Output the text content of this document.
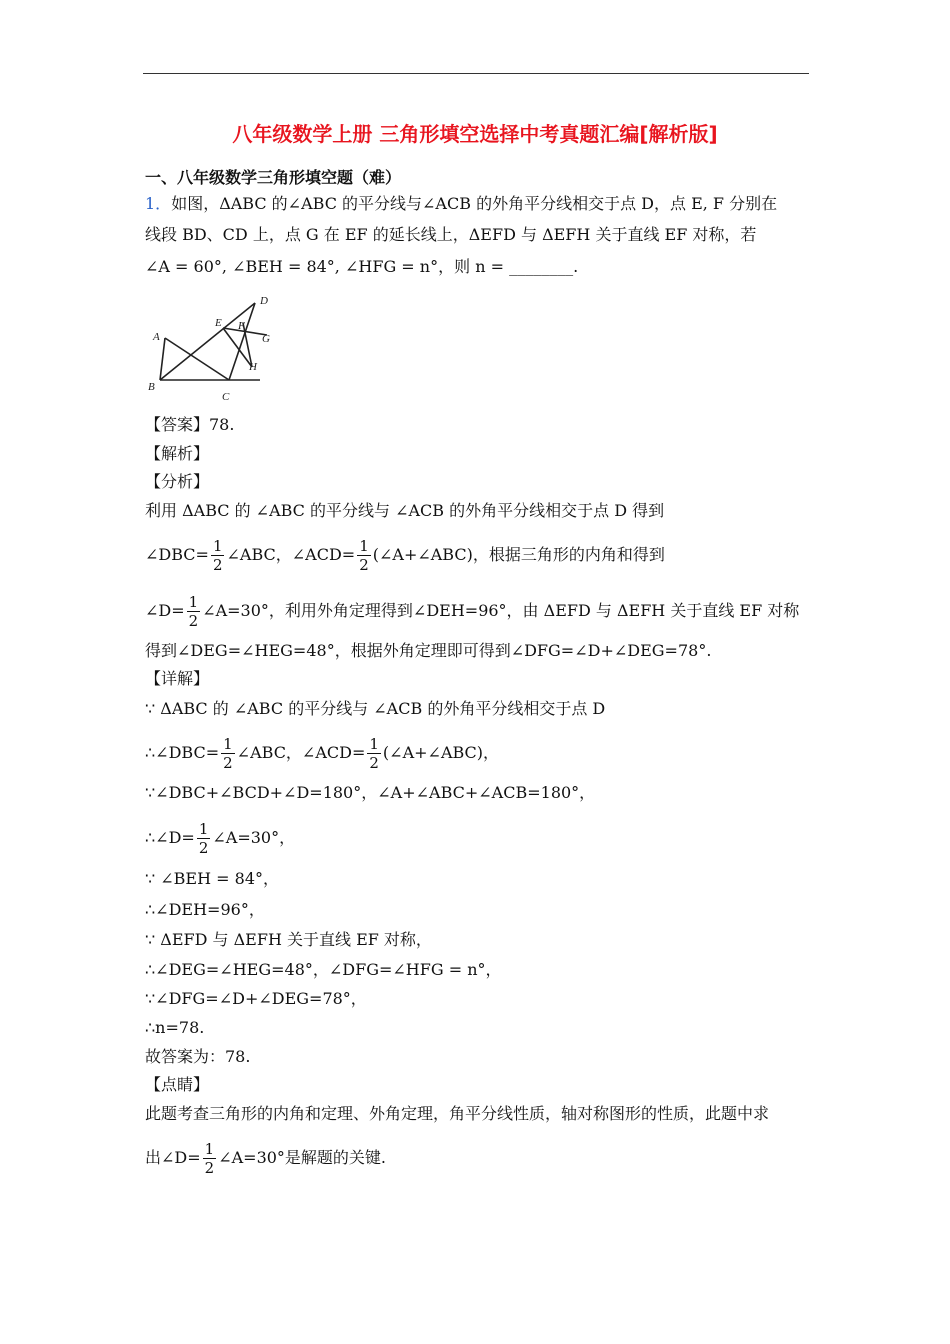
八年级数学上册 三角形填空选择中考真题汇编[解析版]
一、八年级数学三角形填空题（难）
1．如图，ΔABC 的∠ABC 的平分线与∠ACB 的外角平分线相交于点 D，点 E, F 分别在
线段 BD、CD 上，点 G 在 EF 的延长线上，ΔEFD 与 ΔEFH 关于直线 EF 对称，若
∠A = 60°, ∠BEH = 84°, ∠HFG = n°，则 n = ________.
A
B
C
D
E F
G
H
【答案】78.
【解析】
【分析】
利用 ΔABC 的 ∠ABC 的平分线与 ∠ACB 的外角平分线相交于点 D 得到
∠DBC= $\frac{1}{2}$ ∠ABC，∠ACD= $\frac{1}{2}$ (∠A+∠ABC)，根据三角形的内角和得到
∠D= $\frac{1}{2}$ ∠A=30°，利用外角定理得到∠DEH=96°，由 ΔEFD 与 ΔEFH 关于直线 EF 对称
得到∠DEG=∠HEG=48°，根据外角定理即可得到∠DFG=∠D+∠DEG=78°.
【详解】
∵ ΔABC 的 ∠ABC 的平分线与 ∠ACB 的外角平分线相交于点 D
∴∠DBC= $\frac{1}{2}$ ∠ABC，∠ACD= $\frac{1}{2}$ (∠A+∠ABC)，
∵∠DBC+∠BCD+∠D=180°，∠A+∠ABC+∠ACB=180°，
∴∠D= $\frac{1}{2}$ ∠A=30°，
∵ ∠BEH = 84°，
∴∠DEH=96°，
∵ ΔEFD 与 ΔEFH 关于直线 EF 对称，
∴∠DEG=∠HEG=48°，∠DFG=∠HFG = n°，
∵∠DFG=∠D+∠DEG=78°，
∴n=78.
故答案为：78.
【点睛】
此题考查三角形的内角和定理、外角定理，角平分线性质，轴对称图形的性质，此题中求
出∠D= $\frac{1}{2}$ ∠A=30°是解题的关键.
